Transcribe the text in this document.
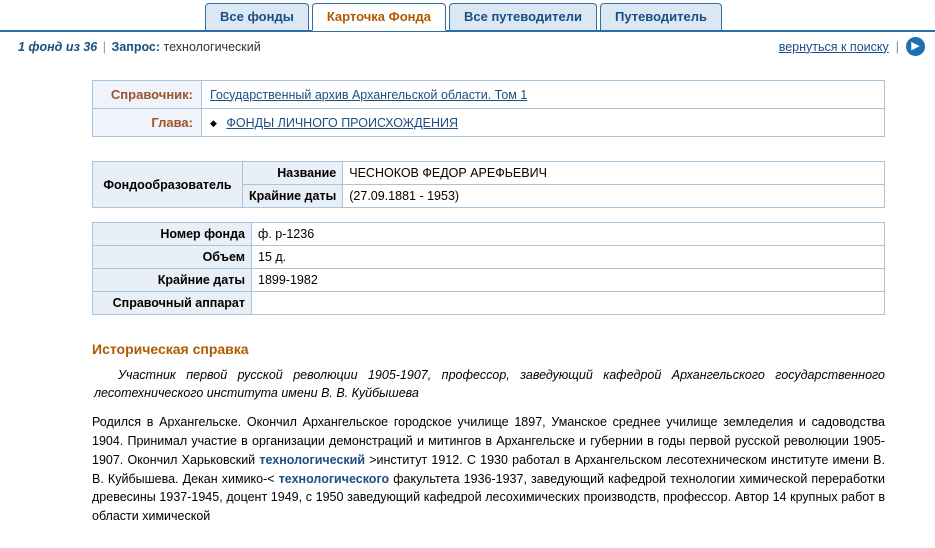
Все фонды	Карточка Фонда	Все путеводители	Путеводитель
1 фонд из 36 | Запрос: технологический	вернуться к поиску |	▶
Справочник:	Государственный архив Архангельской области. Том 1
Глава:	◆ ФОНДЫ ЛИЧНОГО ПРОИСХОЖДЕНИЯ
Фондообразователь	Название	ЧЕСНОКОВ ФЕДОР АРЕФЬЕВИЧ
	Крайние даты	(27.09.1881 - 1953)
Номер фонда	ф. р-1236
Объем	15 д.
Крайние даты	1899-1982
Справочный аппарат	
Историческая справка
Участник первой русской революции 1905-1907, профессор, заведующий кафедрой Архангельского государственного лесотехнического института имени В. В. Куйбышева
Родился в Архангельске. Окончил Архангельское городское училище 1897, Уманское среднее училище земледелия и садоводства 1904. Принимал участие в организации демонстраций и митингов в Архангельске и губернии в годы первой русской революции 1905-1907. Окончил Харьковский технологический >институт 1912. С 1930 работал в Архангельском лесотехническом институте имени В. В. Куйбышева. Декан химико-< технологического факультета 1936-1937, заведующий кафедрой технологии химической переработки древесины 1937-1945, доцент 1949, с 1950 заведующий кафедрой лесохимических производств, профессор. Автор 14 крупных работ в области химической
